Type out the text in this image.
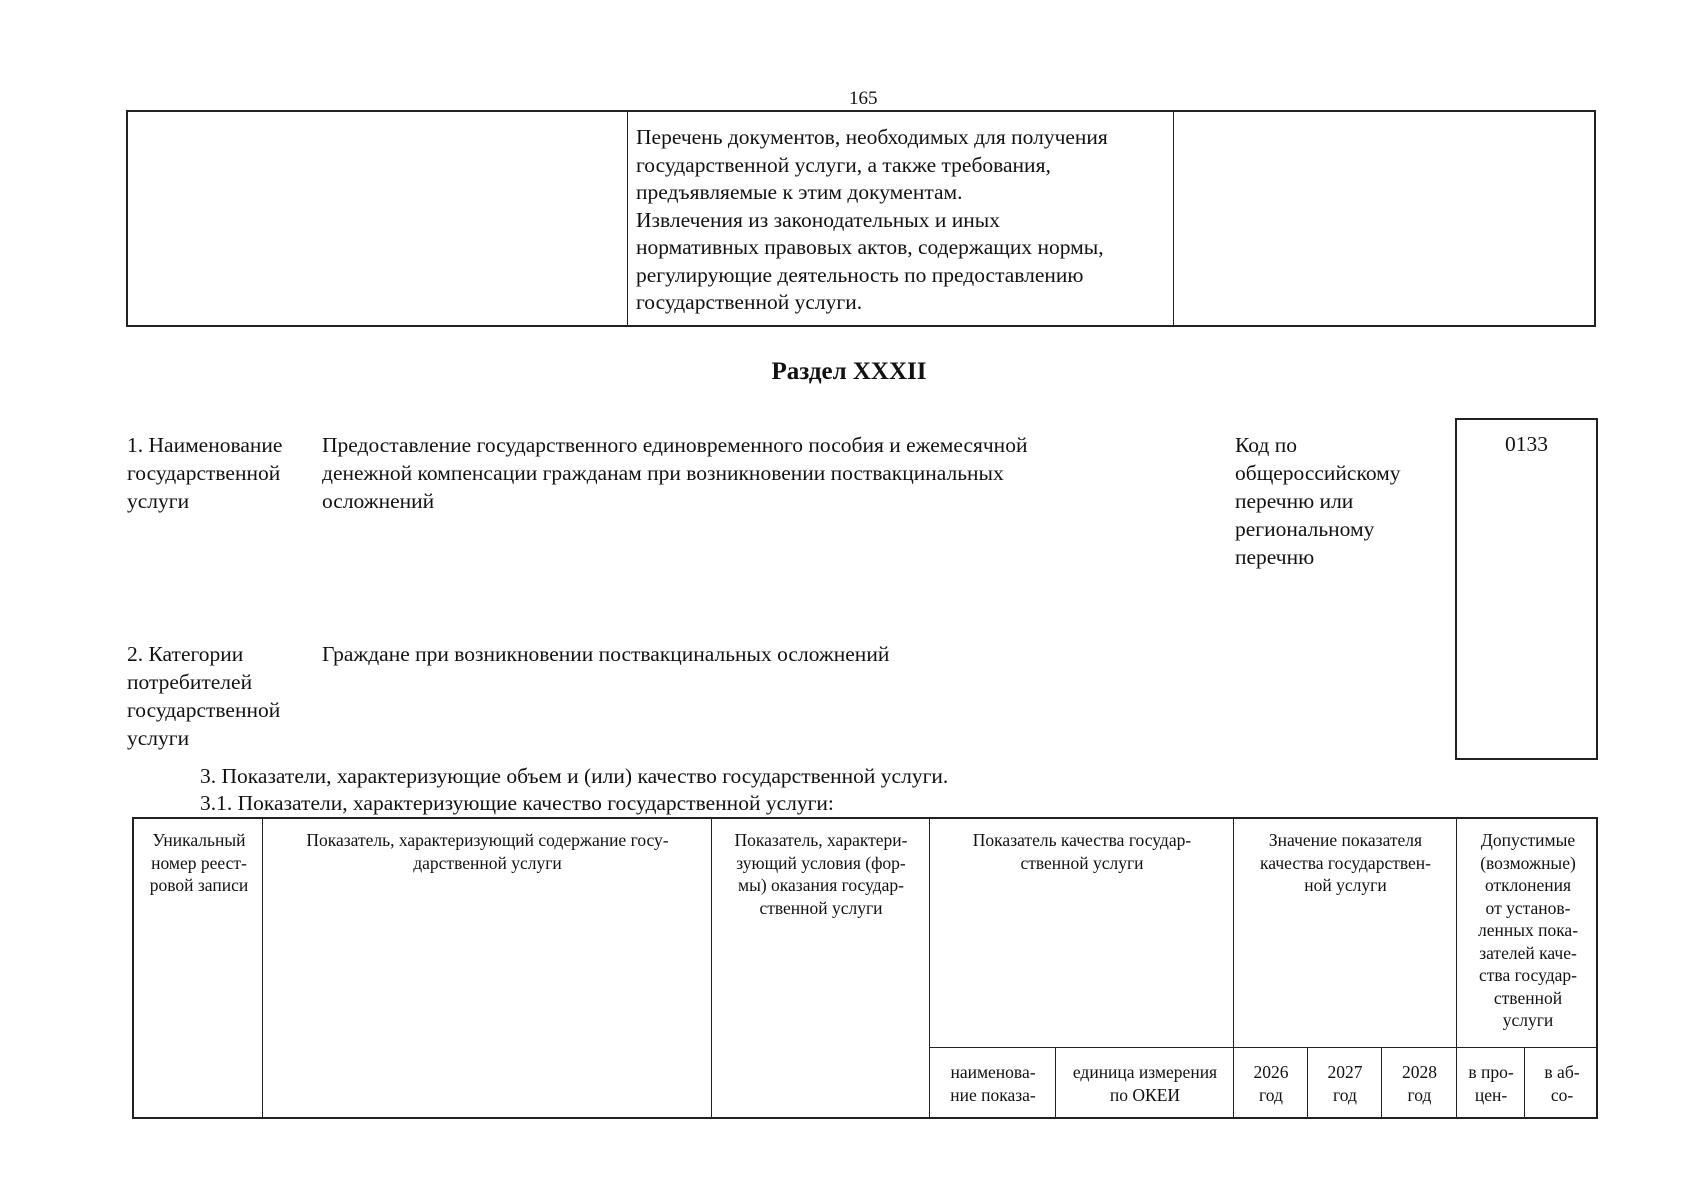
165
Перечень документов, необходимых для получения
государственной услуги, а также требования,
предъявляемые к этим документам.
Извлечения из законодательных и иных
нормативных правовых актов, содержащих нормы,
регулирующие деятельность по предоставлению
государственной услуги.
Раздел XXXII
1. Наименование
государственной
услуги
Предоставление государственного единовременного пособия и ежемесячной
денежной компенсации гражданам при возникновении поствакцинальных
осложнений
Код по
общероссийскому
перечню или
региональному
перечню
0133
2. Категории
потребителей
государственной
услуги
Граждане при возникновении поствакцинальных осложнений
3. Показатели, характеризующие объем и (или) качество государственной услуги.
3.1. Показатели, характеризующие качество государственной услуги:
Уникальный
номер реест-
ровой записи
Показатель, характеризующий содержание госу-
дарственной услуги
Показатель, характери-
зующий условия (фор-
мы) оказания государ-
ственной услуги
Показатель качества государ-
ственной услуги
Значение показателя
качества государствен-
ной услуги
Допустимые
(возможные)
отклонения
от установ-
ленных пока-
зателей каче-
ства государ-
ственной
услуги
наименова-
ние показа-
единица измерения
по ОКЕИ
2026
год
2027
год
2028
год
в про-
цен-
в аб-
со-
